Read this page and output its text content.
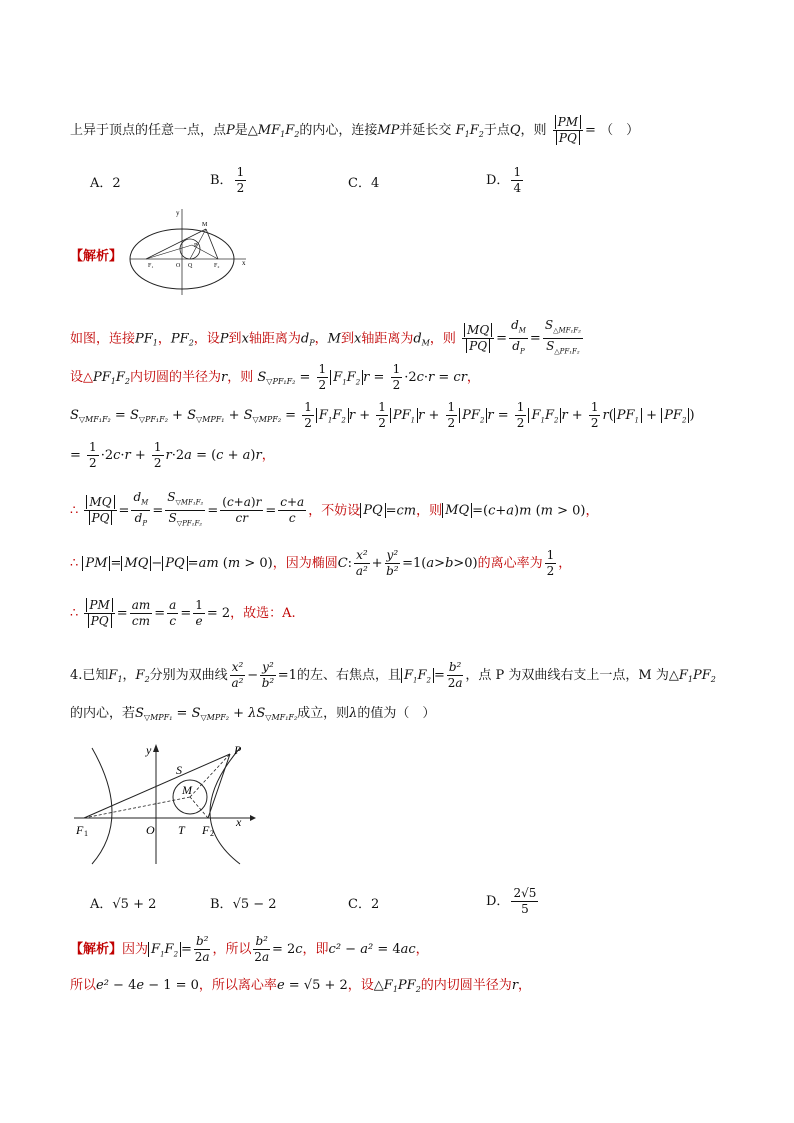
上异于顶点的任意一点，点P是$\triangle MF_1F_2$的内心，连接MP并延长交 $F_1F_2$于点Q，则 $\frac{PM}{PQ}$ = （　）
A．2	B． $\frac{1}{2}$	C．4	D． $\frac{1}{4}$
【解析】
y
x
M
P
F₁	F₂
O Q
如图，连接$PF_1$，$PF_2$，设P到x轴距离为$d_P$，M到x轴距离为$d_M$，则 $\frac{MQ}{PQ} = \frac{d_M}{d_P} = \frac{S_{\triangle MF_1F_2}}{S_{\triangle PF_1F_2}}$
设$\triangle PF_1F_2$内切圆的半径为r，则 $S_{▽PF_1F_2} = \frac{1}{2} F_1F_2$ $r = \frac{1}{2} \cdot 2c\cdot r$ = cr，
$S_{▽MF_1F_2} = S_{▽PF_1F_2} + S_{▽MPF_1} + S_{▽MPF_2} = \frac{1}{2} F_1F_2$ $r + \frac{1}{2} PF_1$ $r + \frac{1}{2} PF_2$ $r = \frac{1}{2} F_1F_2$ $r + \frac{1}{2} r$( $PF_1 + PF_2$ )
= $\frac{1}{2} \cdot 2c\cdot r + \frac{1}{2} r\cdot 2a = (c + a)r$，
∴ $\frac{MQ}{PQ} = \frac{d_M}{d_P} = \frac{S_{▽MF_1F_2}}{S_{▽PF_1F_2}} = \frac{(c+a)r}{cr} = \frac{c+a}{c}$ ，不妨设 PQ =cm，则 MQ =(c+a)m (m > 0)，
∴ PM = MQ − PQ =am (m > 0)，因为椭圆C: $\frac{\text{x²}}{\text{a²}} + \frac{\text{y²}}{\text{b²}} =1(a>b>0)$的离心率为 $\frac{1}{2}$ ，
∴ $\frac{PM}{PQ} = \frac{am}{cm} = \frac{a}{c} = \frac{1}{e} = 2$，故选：A.
4.已知$F_1$，$F_2$分别为双曲线 $\frac{\text{x²}}{\text{a²}} - \frac{\text{y²}}{\text{b²}} =1$的左、右焦点，且 $F_1F_2 = \frac{\text{b²}}{2a}$ ，点 P 为双曲线右支上一点，M 为$\triangle F_1PF_2$
的内心，若$S_{▽MPF_1} = S_{▽MPF_2} + \lambda S_{▽MF_1F_2}$成立，则λ的值为（　）
y	P
S
M
x
F 1	O T F 2
A．√5 + 2	B．√5 − 2	C．2	D． $\frac{2√5}{5}$
【解析】因为 $F_1F_2 = \frac{\text{b²}}{2a}$ ，所以 $\frac{\text{b²}}{2a} = 2c$，即c² − a² = 4ac，
所以e² − 4e − 1 = 0，所以离心率e = √5 + 2，设$\triangle F_1PF_2$的内切圆半径为r，
